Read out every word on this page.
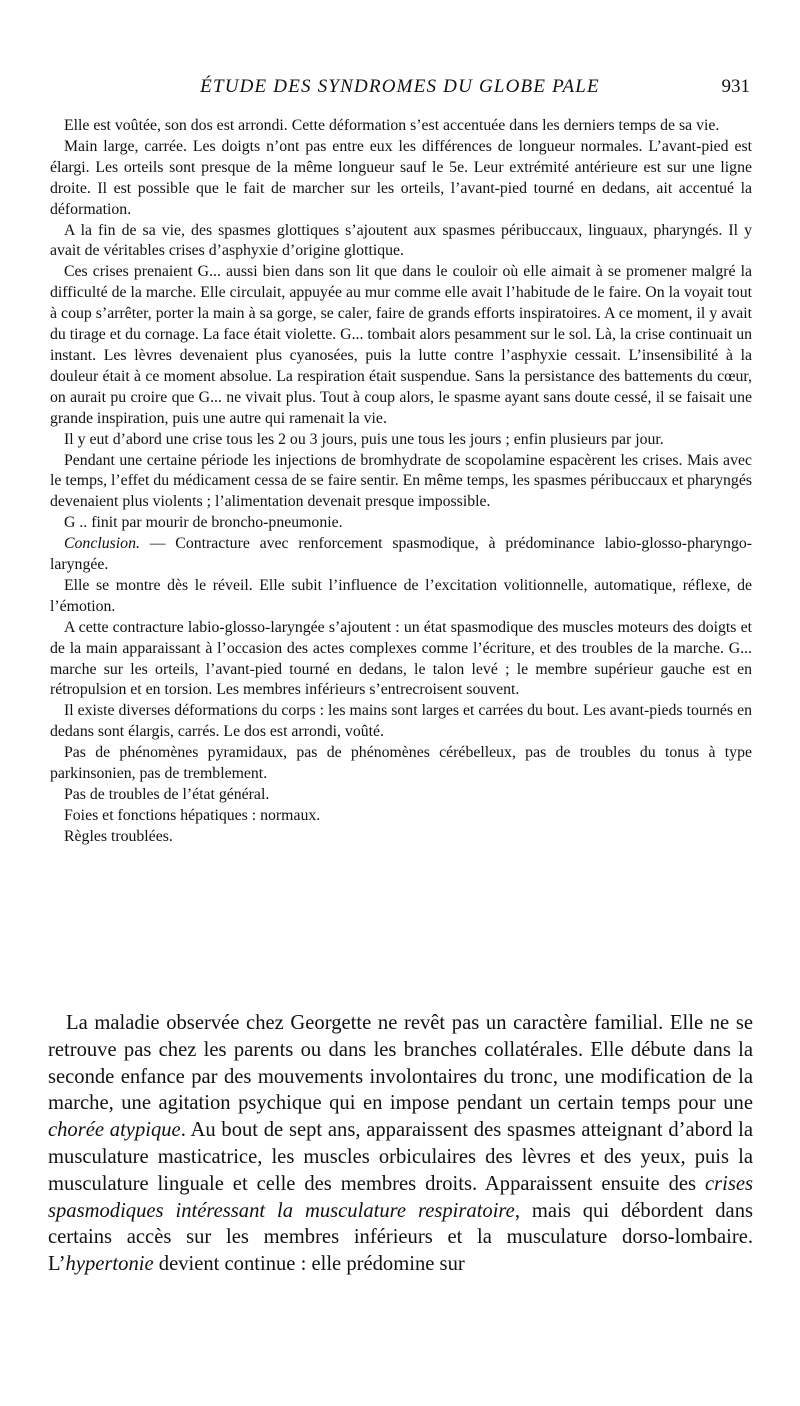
ÉTUDE DES SYNDROMES DU GLOBE PALE	931

Elle est voûtée, son dos est arrondi. Cette déformation s’est accentuée dans les derniers temps de sa vie.

Main large, carrée. Les doigts n’ont pas entre eux les différences de longueur normales. L’avant-pied est élargi. Les orteils sont presque de la même longueur sauf le 5e. Leur extrémité antérieure est sur une ligne droite. Il est possible que le fait de marcher sur les orteils, l’avant-pied tourné en dedans, ait accentué la déformation.

A la fin de sa vie, des spasmes glottiques s’ajoutent aux spasmes péribuccaux, linguaux, pharyngés. Il y avait de véritables crises d’asphyxie d’origine glottique.

Ces crises prenaient G... aussi bien dans son lit que dans le couloir où elle aimait à se promener malgré la difficulté de la marche. Elle circulait, appuyée au mur comme elle avait l’habitude de le faire. On la voyait tout à coup s’arrêter, porter la main à sa gorge, se caler, faire de grands efforts inspiratoires. A ce moment, il y avait du tirage et du cornage. La face était violette. G... tombait alors pesamment sur le sol. Là, la crise continuait un instant. Les lèvres devenaient plus cyanosées, puis la lutte contre l’asphyxie cessait. L’insensibilité à la douleur était à ce moment absolue. La respiration était suspendue. Sans la persistance des battements du cœur, on aurait pu croire que G... ne vivait plus. Tout à coup alors, le spasme ayant sans doute cessé, il se faisait une grande inspiration, puis une autre qui ramenait la vie.

Il y eut d’abord une crise tous les 2 ou 3 jours, puis une tous les jours ; enfin plusieurs par jour.

Pendant une certaine période les injections de bromhydrate de scopolamine espacèrent les crises. Mais avec le temps, l’effet du médicament cessa de se faire sentir. En même temps, les spasmes péribuccaux et pharyngés devenaient plus violents ; l’alimentation devenait presque impossible.

G .. finit par mourir de broncho-pneumonie.

Conclusion. — Contracture avec renforcement spasmodique, à prédominance labio-glosso-pharyngo-laryngée.

Elle se montre dès le réveil. Elle subit l’influence de l’excitation volitionnelle, automatique, réflexe, de l’émotion.

A cette contracture labio-glosso-laryngée s’ajoutent : un état spasmodique des muscles moteurs des doigts et de la main apparaissant à l’occasion des actes complexes comme l’écriture, et des troubles de la marche. G... marche sur les orteils, l’avant-pied tourné en dedans, le talon levé ; le membre supérieur gauche est en rétropulsion et en torsion. Les membres inférieurs s’entrecroisent souvent.

Il existe diverses déformations du corps : les mains sont larges et carrées du bout. Les avant-pieds tournés en dedans sont élargis, carrés. Le dos est arrondi, voûté.

Pas de phénomènes pyramidaux, pas de phénomènes cérébelleux, pas de troubles du tonus à type parkinsonien, pas de tremblement.

Pas de troubles de l’état général.

Foies et fonctions hépatiques : normaux.

Règles troublées.

La maladie observée chez Georgette ne revêt pas un caractère familial. Elle ne se retrouve pas chez les parents ou dans les branches collatérales. Elle débute dans la seconde enfance par des mouvements involontaires du tronc, une modification de la marche, une agitation psychique qui en impose pendant un certain temps pour une chorée atypique. Au bout de sept ans, apparaissent des spasmes atteignant d’abord la musculature masticatrice, les muscles orbiculaires des lèvres et des yeux, puis la musculature linguale et celle des membres droits. Apparaissent ensuite des crises spasmodiques intéressant la musculature respiratoire, mais qui débordent dans certains accès sur les membres inférieurs et la musculature dorso-lombaire. L’hypertonie devient continue : elle prédomine sur
